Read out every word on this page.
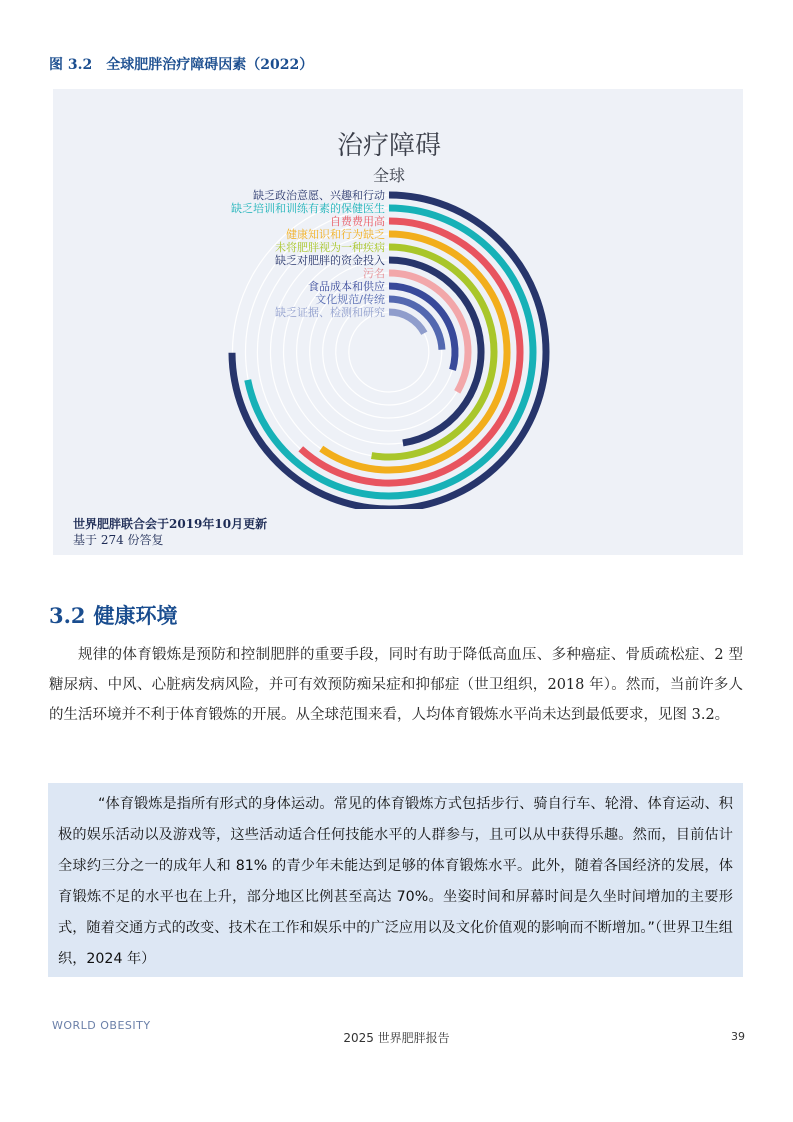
图 3.2　全球肥胖治疗障碍因素（2022）
治疗障碍
全球
缺乏政治意愿、兴趣和行动
缺乏培训和训练有素的保健医生
自费费用高
健康知识和行为缺乏
未将肥胖视为一种疾病
缺乏对肥胖的资金投入
污名
食品成本和供应
文化规范/传统
缺乏证据、检测和研究
世界肥胖联合会于2019年10月更新
基于 274 份答复
3.2 健康环境
规律的体育锻炼是预防和控制肥胖的重要手段，同时有助于降低高血压、多种癌症、骨质疏松症、2 型糖尿病、中风、心脏病发病风险，并可有效预防痴呆症和抑郁症（世卫组织，2018 年）。然而，当前许多人的生活环境并不利于体育锻炼的开展。从全球范围来看，人均体育锻炼水平尚未达到最低要求，见图 3.2。
“体育锻炼是指所有形式的身体运动。常见的体育锻炼方式包括步行、骑自行车、轮滑、体育运动、积极的娱乐活动以及游戏等，这些活动适合任何技能水平的人群参与，且可以从中获得乐趣。然而，目前估计全球约三分之一的成年人和 81% 的青少年未能达到足够的体育锻炼水平。此外，随着各国经济的发展，体育锻炼不足的水平也在上升，部分地区比例甚至高达 70%。坐姿时间和屏幕时间是久坐时间增加的主要形式，随着交通方式的改变、技术在工作和娱乐中的广泛应用以及文化价值观的影响而不断增加。”（世界卫生组织，2024 年）
WORLD OBESITY
2025 世界肥胖报告	39
